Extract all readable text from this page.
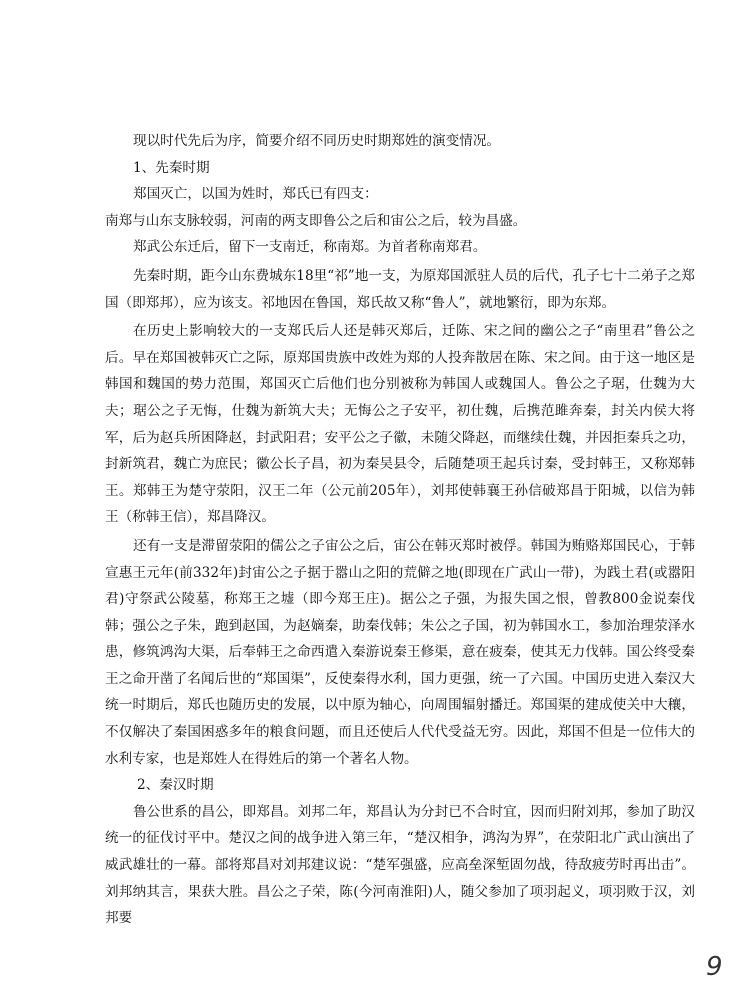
现以时代先后为序，简要介绍不同历史时期郑姓的演变情况。

1、先秦时期

郑国灭亡，以国为姓时，郑氏已有四支：

南郑与山东支脉较弱，河南的两支即鲁公之后和宙公之后，较为昌盛。

郑武公东迁后，留下一支南迁，称南郑。为首者称南郑君。

先秦时期，距今山东费城东18里“祁”地一支，为原郑国派驻人员的后代，孔子七十二弟子之郑国（即郑邦），应为该支。祁地因在鲁国，郑氏故又称“鲁人”，就地繁衍，即为东郑。

在历史上影响较大的一支郑氏后人还是韩灭郑后，迁陈、宋之间的幽公之子“南里君”鲁公之后。早在郑国被韩灭亡之际，原郑国贵族中改姓为郑的人投奔散居在陈、宋之间。由于这一地区是韩国和魏国的势力范围，郑国灭亡后他们也分别被称为韩国人或魏国人。鲁公之子琚，仕魏为大夫；琚公之子无悔，仕魏为新筑大夫；无悔公之子安平，初仕魏，后携范雎奔秦，封关内侯大将军，后为赵兵所困降赵，封武阳君；安平公之子徽，未随父降赵，而继续仕魏，并因拒秦兵之功，封新筑君，魏亡为庶民；徽公长子昌，初为秦吴县令，后随楚项王起兵讨秦，受封韩王，又称郑韩王。郑韩王为楚守荥阳，汉王二年（公元前205年），刘邦使韩襄王孙信破郑昌于阳城，以信为韩王（称韩王信），郑昌降汉。

还有一支是滞留荥阳的儒公之子宙公之后，宙公在韩灭郑时被俘。韩国为贿赂郑国民心，于韩宣惠王元年(前332年)封宙公之子据于嚣山之阳的荒僻之地(即现在广武山一带)，为践土君(或嚣阳君)守祭武公陵墓，称郑王之墟（即今郑王庄)。据公之子强，为报失国之恨，曾教800金说秦伐韩；强公之子朱，跑到赵国，为赵嫡秦，助秦伐韩；朱公之子国，初为韩国水工，参加治理荥泽水患，修筑鸿沟大渠，后奉韩王之命西遣入秦游说秦王修渠，意在疲秦，使其无力伐韩。国公终受秦王之命开凿了名闻后世的“郑国渠”，反使秦得水利，国力更强，统一了六国。中国历史进入秦汉大统一时期后，郑氏也随历史的发展，以中原为轴心，向周围辐射播迁。郑国渠的建成使关中大穰，不仅解决了秦国困惑多年的粮食问题，而且还使后人代代受益无穷。因此，郑国不但是一位伟大的水利专家，也是郑姓人在得姓后的第一个著名人物。

2、秦汉时期

鲁公世系的昌公，即郑昌。刘邦二年，郑昌认为分封已不合时宜，因而归附刘邦，参加了助汉统一的征伐讨平中。楚汉之间的战争进入第三年，“楚汉相争，鸿沟为界”，在荥阳北广武山演出了威武雄壮的一幕。部将郑昌对刘邦建议说：“楚军强盛，应高垒深堑固勿战，待敌疲劳时再出击”。刘邦纳其言，果获大胜。昌公之子荣，陈(今河南淮阳)人，随父参加了项羽起义，项羽败于汉，刘邦要

9
